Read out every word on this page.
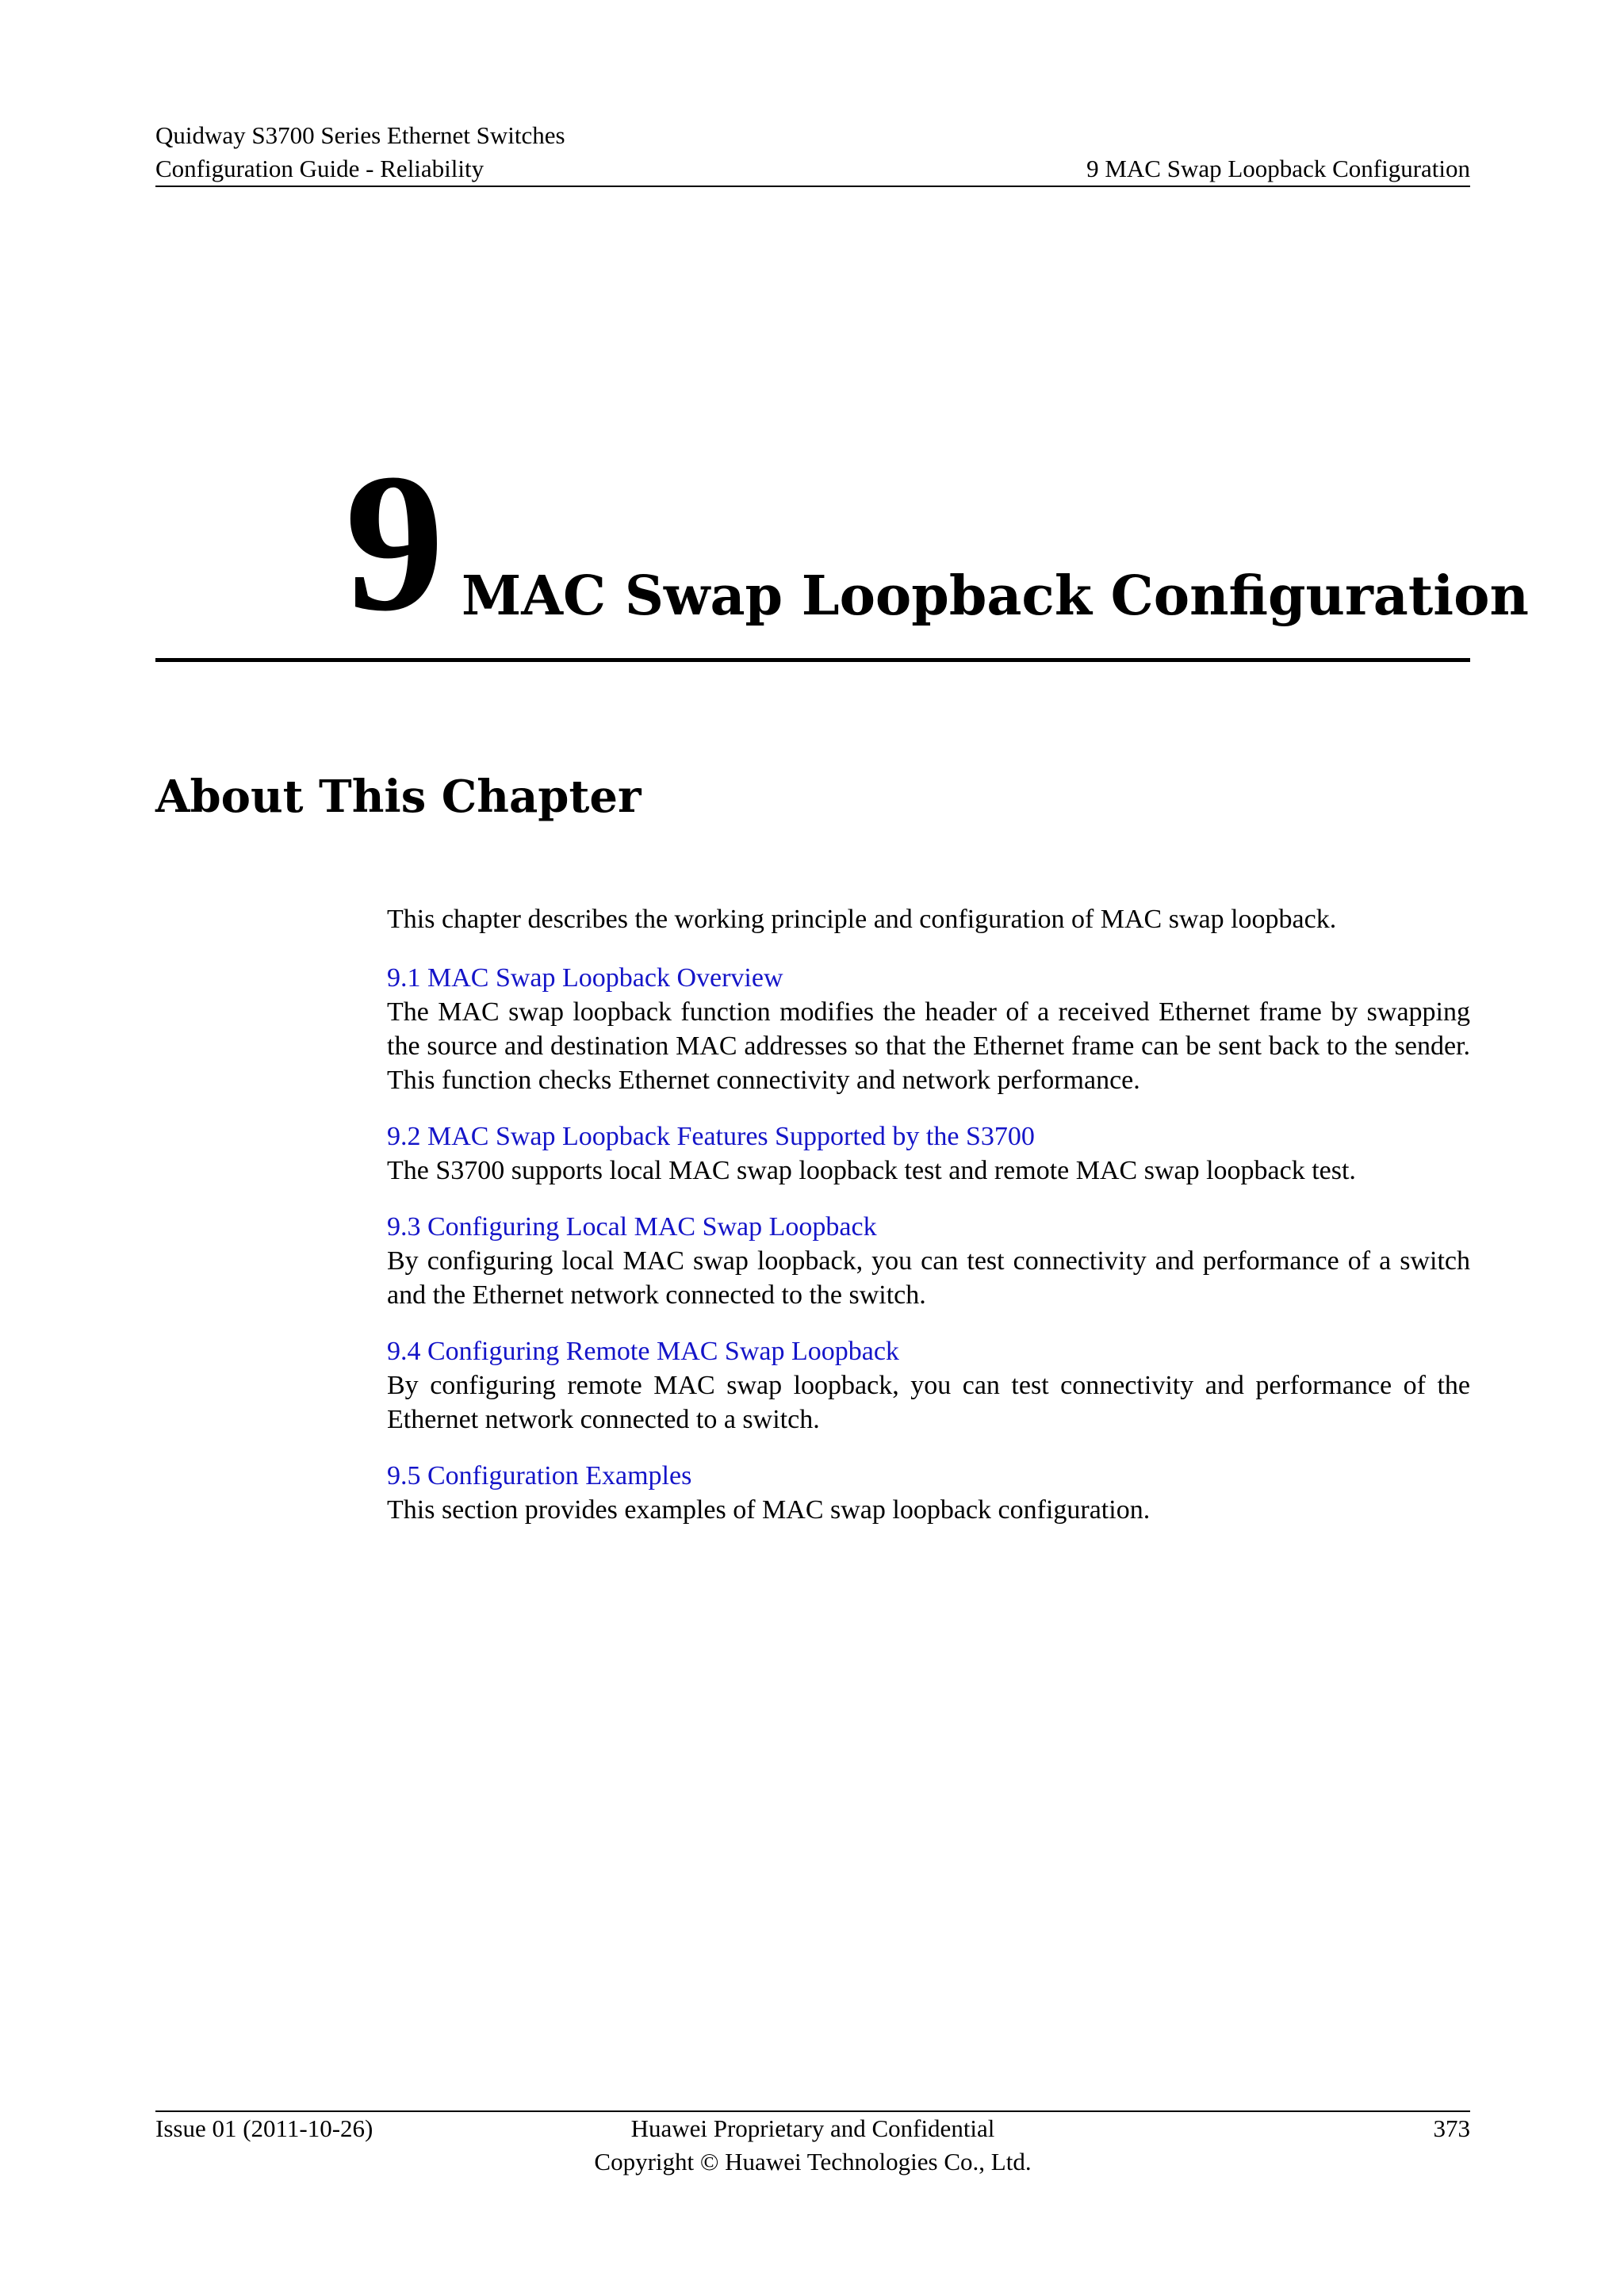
Quidway S3700 Series Ethernet Switches
Configuration Guide - Reliability	9 MAC Swap Loopback Configuration
9 MAC Swap Loopback Configuration
About This Chapter

This chapter describes the working principle and configuration of MAC swap loopback.

9.1 MAC Swap Loopback Overview
The MAC swap loopback function modifies the header of a received Ethernet frame by swapping the source and destination MAC addresses so that the Ethernet frame can be sent back to the sender. This function checks Ethernet connectivity and network performance.
9.2 MAC Swap Loopback Features Supported by the S3700
The S3700 supports local MAC swap loopback test and remote MAC swap loopback test.
9.3 Configuring Local MAC Swap Loopback
By configuring local MAC swap loopback, you can test connectivity and performance of a switch and the Ethernet network connected to the switch.
9.4 Configuring Remote MAC Swap Loopback
By configuring remote MAC swap loopback, you can test connectivity and performance of the Ethernet network connected to a switch.
9.5 Configuration Examples
This section provides examples of MAC swap loopback configuration.
Issue 01 (2011-10-26)	Huawei Proprietary and Confidential
Copyright © Huawei Technologies Co., Ltd.
373
